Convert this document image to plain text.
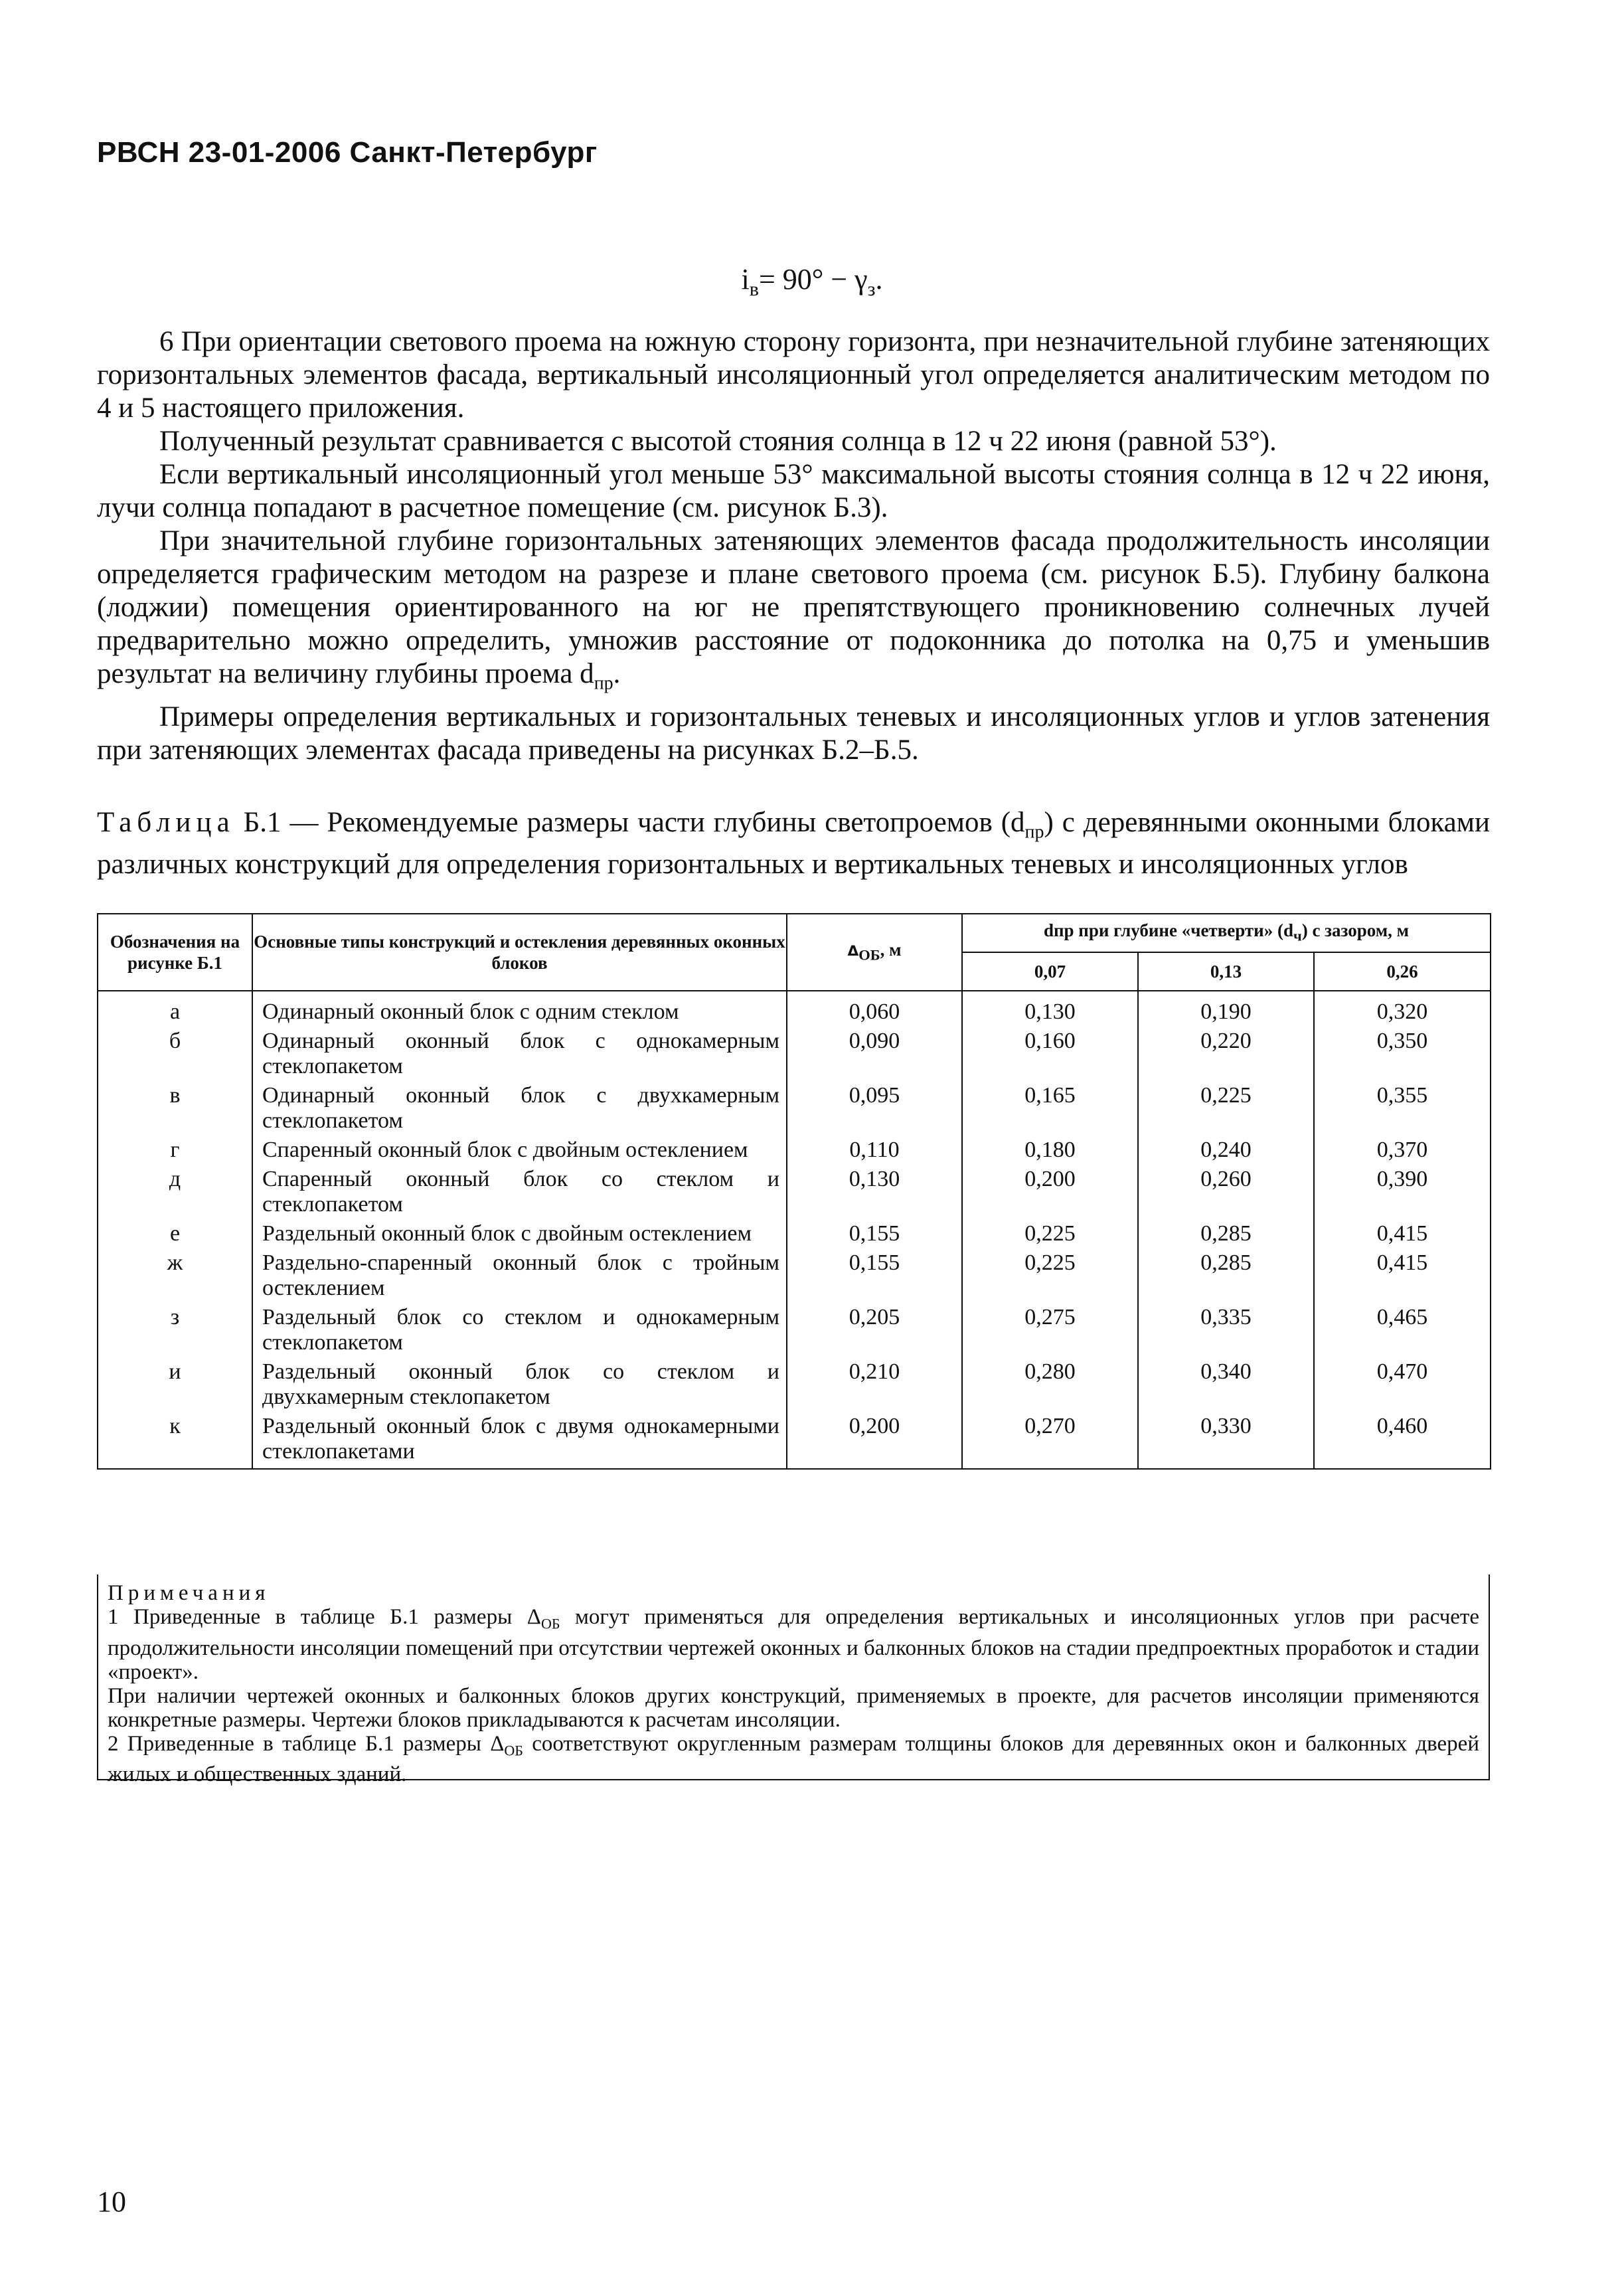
РВСН 23-01-2006 Санкт-Петербург
$i_в= 90^\circ - \gamma_з$.

6 При ориентации светового проема на южную сторону горизонта, при незначительной глубине затеняющих горизонтальных элементов фасада, вертикальный инсоляционный угол определяется аналитическим методом по 4 и 5 настоящего приложения.

Полученный результат сравнивается с высотой стояния солнца в 12 ч 22 июня (равной 53°).

Если вертикальный инсоляционный угол меньше 53° максимальной высоты стояния солнца в 12 ч 22 июня, лучи солнца попадают в расчетное помещение (см. рисунок Б.3).

При значительной глубине горизонтальных затеняющих элементов фасада продолжительность инсоляции определяется графическим методом на разрезе и плане светового проема (см. рисунок Б.5). Глубину балкона (лоджии) помещения ориентированного на юг не препятствующего проникновению солнечных лучей предварительно можно определить, умножив расстояние от подоконника до потолка на 0,75 и уменьшив результат на величину глубины проема $d_{пр}$.

Примеры определения вертикальных и горизонтальных теневых и инсоляционных углов и углов затенения при затеняющих элементах фасада приведены на рисунках Б.2–Б.5.

Таблица Б.1 — Рекомендуемые размеры части глубины светопроемов $(d_{пр})$ с деревянными оконными блоками различных конструкций для определения горизонтальных и вертикальных теневых и инсоляционных углов
Обозначения на рисунке Б.1	Основные типы конструкций и остекления деревянных оконных блоков	$\Delta_{ОБ}$, м	dпр при глубине «четверти» $(d_ч)$ с зазором, м		
			0,07	0,13	0,26
а	Одинарный оконный блок с одним стеклом	0,060	0,130	0,190	0,320
б	Одинарный оконный блок с однокамерным стеклопакетом	0,090	0,160	0,220	0,350
в	Одинарный оконный блок с двухкамерным стеклопакетом	0,095	0,165	0,225	0,355
г	Спаренный оконный блок с двойным остеклением	0,110	0,180	0,240	0,370
д	Спаренный оконный блок со стеклом и стеклопакетом	0,130	0,200	0,260	0,390
е	Раздельный оконный блок с двойным остеклением	0,155	0,225	0,285	0,415
ж	Раздельно-спаренный оконный блок с тройным остеклением	0,155	0,225	0,285	0,415
з	Раздельный блок со стеклом и однокамерным стеклопакетом	0,205	0,275	0,335	0,465
и	Раздельный оконный блок со стеклом и двухкамерным стеклопакетом	0,210	0,280	0,340	0,470
к	Раздельный оконный блок с двумя однокамерными стеклопакетами	0,200	0,270	0,330	0,460

Примечания

1 Приведенные в таблице Б.1 размеры $\Delta_{ОБ}$ могут применяться для определения вертикальных и инсоляционных углов при расчете продолжительности инсоляции помещений при отсутствии чертежей оконных и балконных блоков на стадии предпроектных проработок и стадии «проект».

При наличии чертежей оконных и балконных блоков других конструкций, применяемых в проекте, для расчетов инсоляции применяются конкретные размеры. Чертежи блоков прикладываются к расчетам инсоляции.

2 Приведенные в таблице Б.1 размеры $\Delta_{ОБ}$ соответствуют округленным размерам толщины блоков для деревянных окон и балконных дверей жилых и общественных зданий.

10
